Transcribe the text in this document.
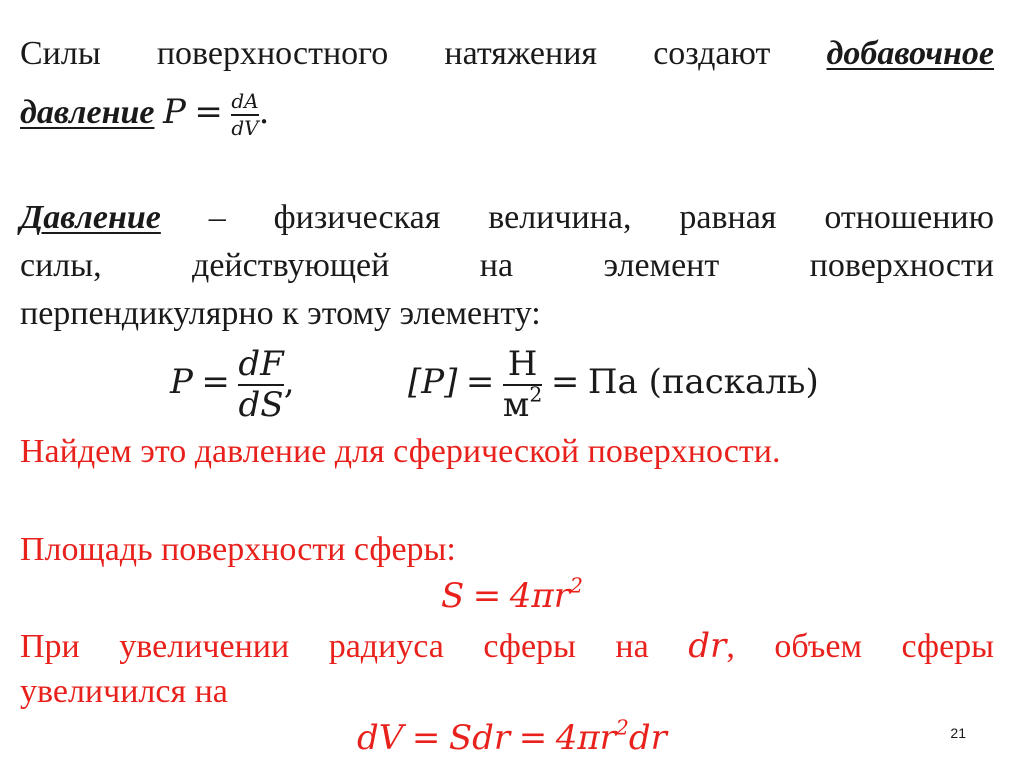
Силы поверхностного натяжения создают добавочное
давление $P = \frac{dA}{dV}$ .
Давление – физическая величина, равная отношению
силы, действующей на элемент поверхности
перпендикулярно к этому элементу:
$P = \frac{dF}{dS}$ ,	$[P] = \frac{Н}{м^2}$ = Па (паскаль)
Найдем это давление для сферической поверхности.
Площадь поверхности сферы:
$S = 4\pi r^2$
При увеличении радиуса сферы на dr, объем сферы
увеличился на
dV = Sdr = $4\pi r^2dr$	21
